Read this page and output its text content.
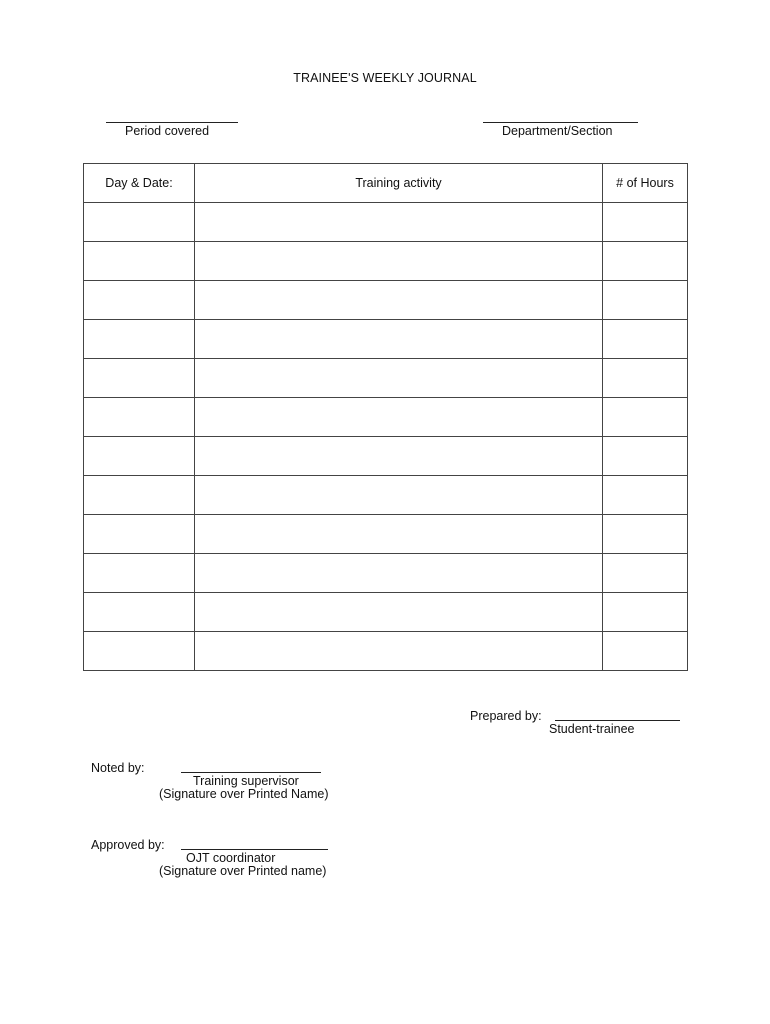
TRAINEE'S WEEKLY JOURNAL
Period covered	Department/Section
Day & Date:	Training activity	# of Hours

Prepared by:
Student-trainee
Noted by:
Training supervisor
(Signature over Printed Name)
Approved by:
OJT coordinator
(Signature over Printed name)
